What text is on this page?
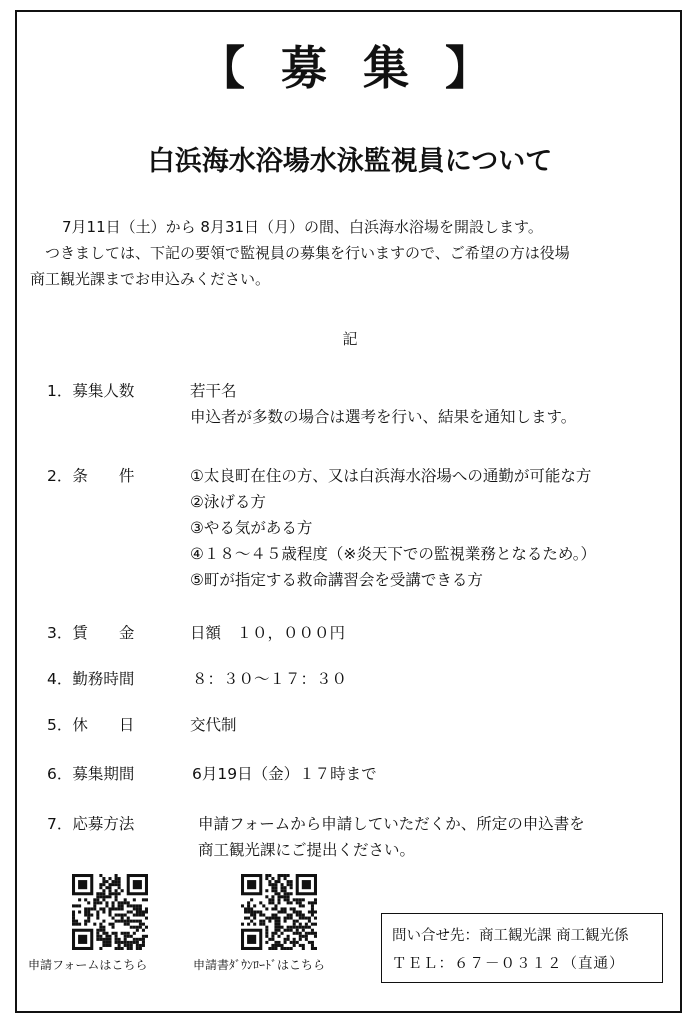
【 募 集 】
白浜海水浴場水泳監視員について
7月11日（土）から 8月31日（月）の間、白浜海水浴場を開設します。
つきましては、下記の要領で監視員の募集を行いますので、ご希望の方は役場
商工観光課までお申込みください。
記
1．募集人数	若干名
申込者が多数の場合は選考を行い、結果を通知します。
2．条　　件	①太良町在住の方、又は白浜海水浴場への通勤が可能な方
②泳げる方
③やる気がある方
④１８～４５歳程度（※炎天下での監視業務となるため。）
⑤町が指定する救命講習会を受講できる方
3．賃　　金	日額　１０，０００円
4．勤務時間	８：３０～１７：３０
5．休　　日	交代制
6．募集期間	6月19日（金）１７時まで
7．応募方法	申請フォームから申請していただくか、所定の申込書を
商工観光課にご提出ください。
申請フォームはこちら	申請書ﾀﾞｳﾝﾛｰﾄﾞはこちら
問い合せ先：商工観光課 商工観光係
ＴＥＬ：６７－０３１２（直通）
